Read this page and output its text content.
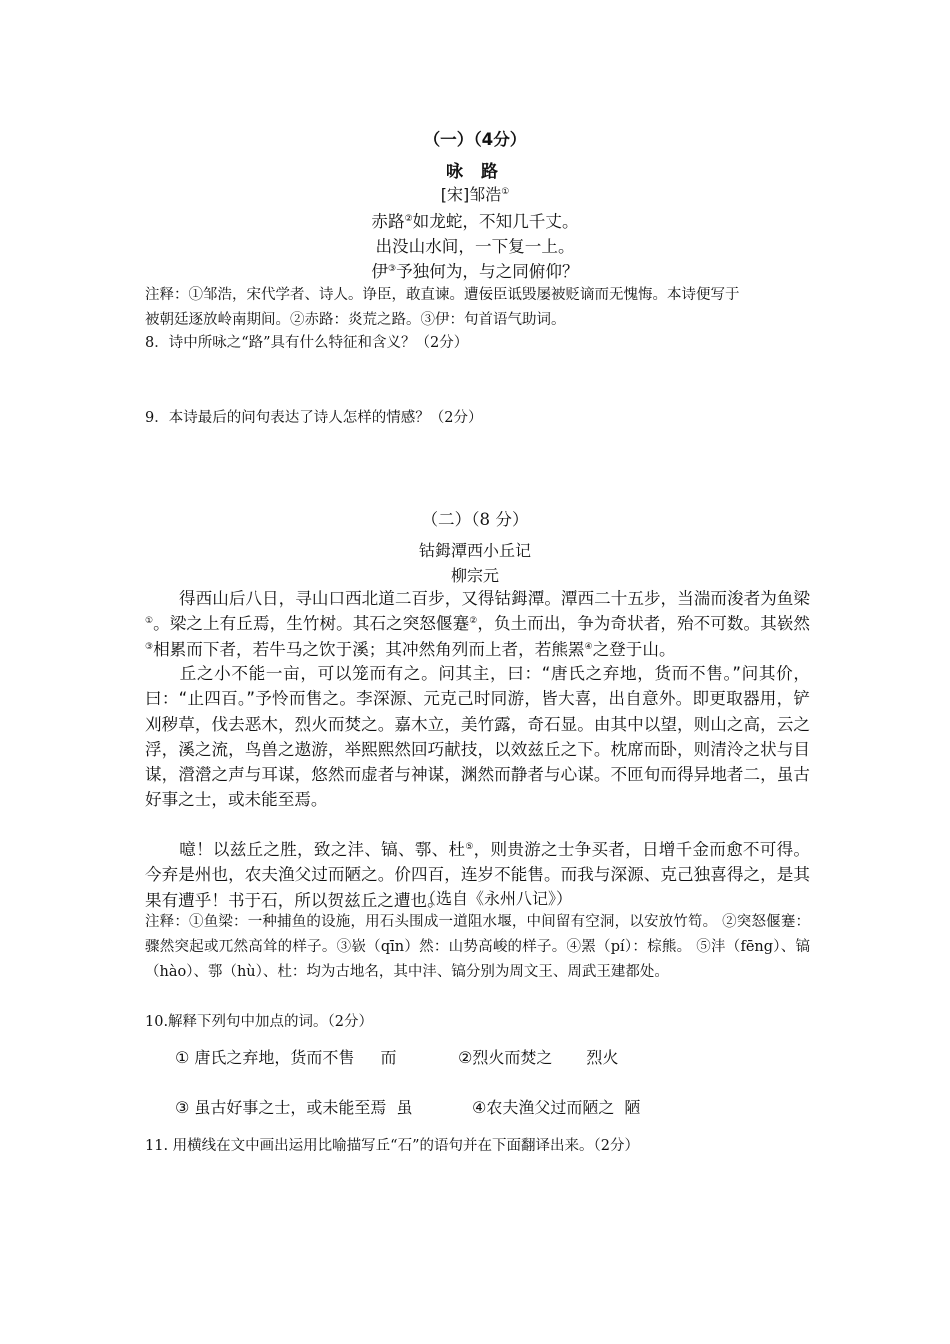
（一）（4分）
咏 路
[宋]邹浩①
赤路②如龙蛇，不知几千丈。
出没山水间，一下复一上。
伊③予独何为，与之同俯仰？
注释：①邹浩，宋代学者、诗人。诤臣，敢直谏。遭佞臣诋毁屡被贬谪而无愧悔。本诗便写于
被朝廷逐放岭南期间。②赤路：炎荒之路。③伊：句首语气助词。
8．诗中所咏之“路”具有什么特征和含义？（2分）
9．本诗最后的问句表达了诗人怎样的情感？（2分）
（二）（8 分）
钴鉧潭西小丘记
柳宗元
得西山后八日，寻山口西北道二百步，又得钴鉧潭。潭西二十五步，当湍而浚者为鱼梁①。梁之上有丘焉，生竹树。其石之突怒偃蹇②，负土而出，争为奇状者，殆不可数。其嵚然③相累而下者，若牛马之饮于溪；其冲然角列而上者，若熊罴④之登于山。
丘之小不能一亩，可以笼而有之。问其主，曰：“唐氏之弃地，货而不售。”问其价，曰：“止四百。”予怜而售之。李深源、元克己时同游，皆大喜，出自意外。即更取器用，铲刈秽草，伐去恶木，烈火而焚之。嘉木立，美竹露，奇石显。由其中以望，则山之高，云之浮，溪之流，鸟兽之遨游，举熙熙然回巧献技，以效兹丘之下。枕席而卧，则清泠之状与目谋，瀯瀯之声与耳谋，悠然而虚者与神谋，渊然而静者与心谋。不匝旬而得异地者二，虽古好事之士，或未能至焉。
噫！以兹丘之胜，致之沣、镐、鄠、杜⑤，则贵游之士争买者，日增千金而愈不可得。今弃是州也，农夫渔父过而陋之。价四百，连岁不能售。而我与深源、克己独喜得之，是其果有遭乎！书于石，所以贺兹丘之遭也。
（选自《永州八记》）
注释：①鱼梁：一种捕鱼的设施，用石头围成一道阻水堰，中间留有空洞，以安放竹笱。 ②突怒偃蹇：骤然突起或兀然高耸的样子。③嵚（qīn）然：山势高峻的样子。④罴（pí）：棕熊。 ⑤沣（fēng）、镐（hào）、鄠（hù）、杜：均为古地名，其中沣、镐分别为周文王、周武王建都处。
10.解释下列句中加点的词。（2分）
① 唐氏之弃地，货而不售 而	②烈火而焚之 烈火
③ 虽古好事之士，或未能至焉 虽	④农夫渔父过而陋之 陋
11. 用横线在文中画出运用比喻描写丘“石”的语句并在下面翻译出来。（2分）
